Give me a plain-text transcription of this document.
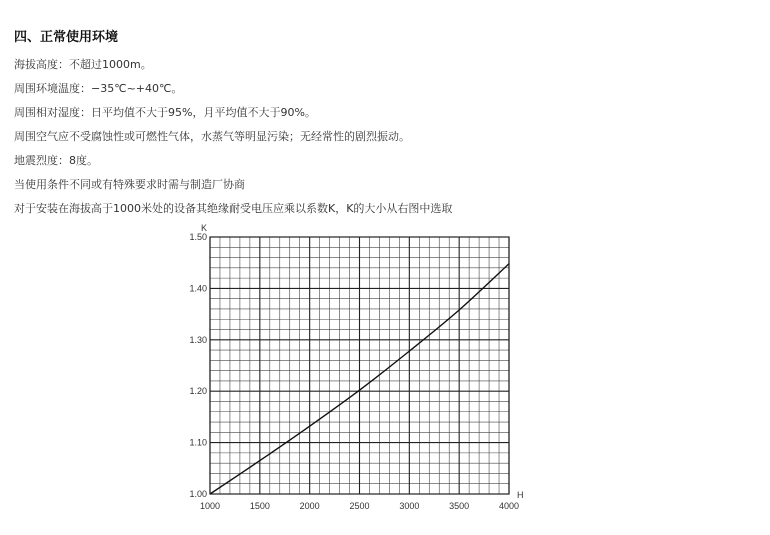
四、正常使用环境
海拔高度：不超过1000m。
周围环境温度：−35℃~+40℃。
周围相对湿度：日平均值不大于95%，月平均值不大于90%。
周围空气应不受腐蚀性或可燃性气体，水蒸气等明显污染；无经常性的剧烈振动。
地震烈度：8度。
当使用条件不同或有特殊要求时需与制造厂协商
对于安装在海拔高于1000米处的设备其绝缘耐受电压应乘以系数K，K的大小从右图中选取
1000	1500	2000	2500	3000	3500	4000
1.00
1.10
1.20
1.30
1.40
1.50
H
K
